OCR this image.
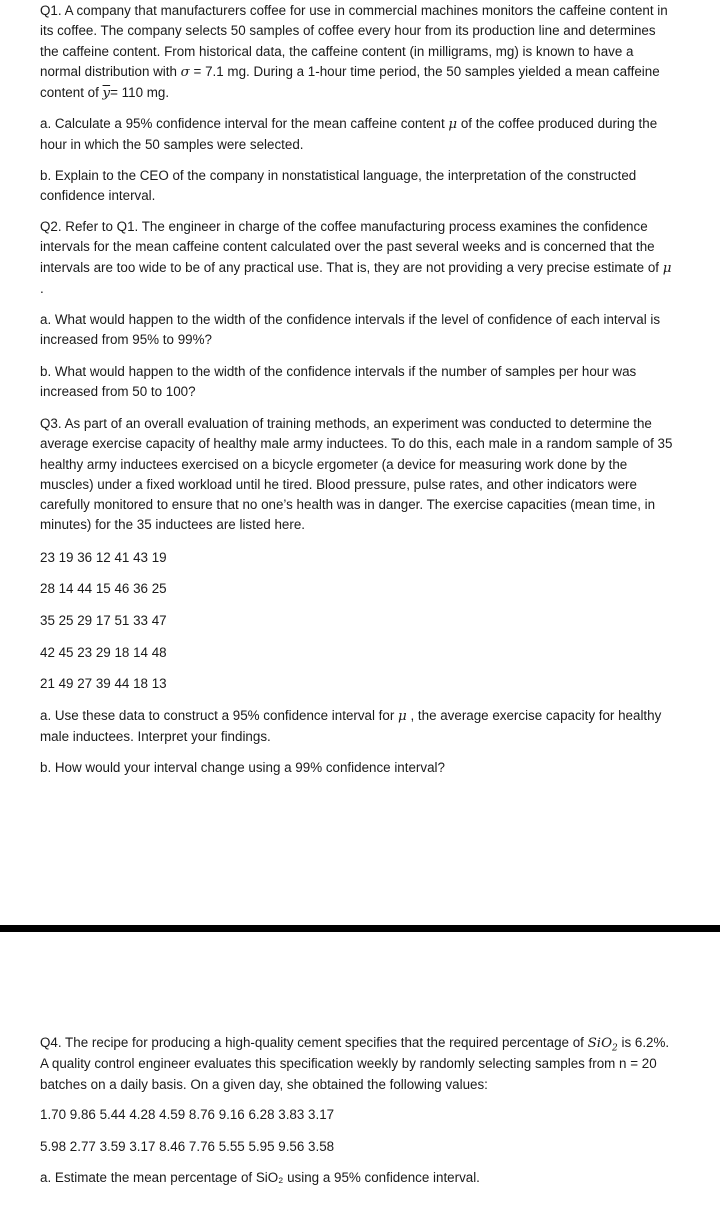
Q1. A company that manufacturers coffee for use in commercial machines monitors the caffeine content in its coffee. The company selects 50 samples of coffee every hour from its production line and determines the caffeine content. From historical data, the caffeine content (in milligrams, mg) is known to have a normal distribution with σ = 7.1 mg. During a 1-hour time period, the 50 samples yielded a mean caffeine content of $\overline{y}= 110$ mg.

a. Calculate a 95% confidence interval for the mean caffeine content μ of the coffee produced during the hour in which the 50 samples were selected.

b. Explain to the CEO of the company in nonstatistical language, the interpretation of the constructed confidence interval.

Q2. Refer to Q1. The engineer in charge of the coffee manufacturing process examines the confidence intervals for the mean caffeine content calculated over the past several weeks and is concerned that the intervals are too wide to be of any practical use. That is, they are not providing a very precise estimate of μ .

a. What would happen to the width of the confidence intervals if the level of confidence of each interval is increased from 95% to 99%?

b. What would happen to the width of the confidence intervals if the number of samples per hour was increased from 50 to 100?

Q3. As part of an overall evaluation of training methods, an experiment was conducted to determine the average exercise capacity of healthy male army inductees. To do this, each male in a random sample of 35 healthy army inductees exercised on a bicycle ergometer (a device for measuring work done by the muscles) under a fixed workload until he tired. Blood pressure, pulse rates, and other indicators were carefully monitored to ensure that no one’s health was in danger. The exercise capacities (mean time, in minutes) for the 35 inductees are listed here.

23 19 36 12 41 43 19

28 14 44 15 46 36 25

35 25 29 17 51 33 47

42 45 23 29 18 14 48

21 49 27 39 44 18 13

a. Use these data to construct a 95% confidence interval for μ , the average exercise capacity for healthy male inductees. Interpret your findings.

b. How would your interval change using a 99% confidence interval?

Q4. The recipe for producing a high-quality cement specifies that the required percentage of SiO$_2$ is 6.2%. A quality control engineer evaluates this specification weekly by randomly selecting samples from n = 20 batches on a daily basis. On a given day, she obtained the following values:

1.70 9.86 5.44 4.28 4.59 8.76 9.16 6.28 3.83 3.17

5.98 2.77 3.59 3.17 8.46 7.76 5.55 5.95 9.56 3.58

a. Estimate the mean percentage of SiO₂ using a 95% confidence interval.
